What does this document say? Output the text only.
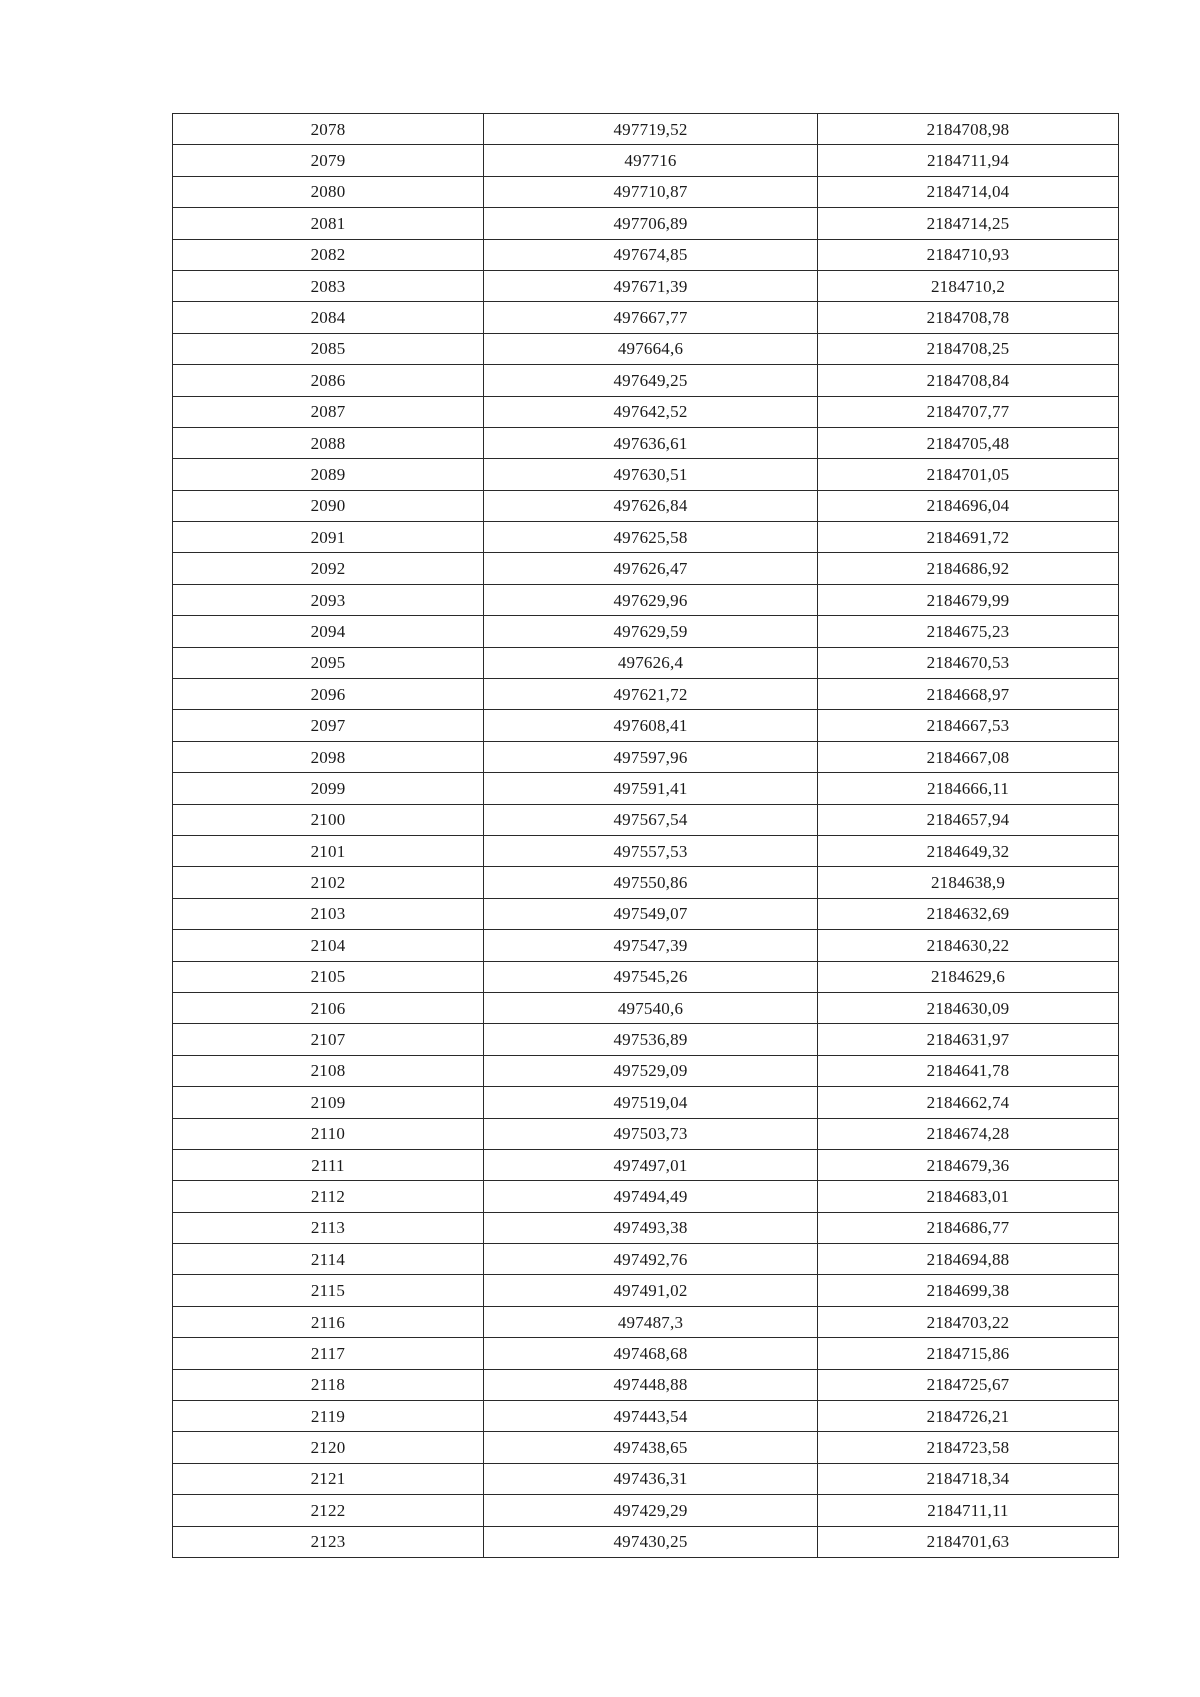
2078	497719,52	2184708,98
2079	497716	2184711,94
2080	497710,87	2184714,04
2081	497706,89	2184714,25
2082	497674,85	2184710,93
2083	497671,39	2184710,2
2084	497667,77	2184708,78
2085	497664,6	2184708,25
2086	497649,25	2184708,84
2087	497642,52	2184707,77
2088	497636,61	2184705,48
2089	497630,51	2184701,05
2090	497626,84	2184696,04
2091	497625,58	2184691,72
2092	497626,47	2184686,92
2093	497629,96	2184679,99
2094	497629,59	2184675,23
2095	497626,4	2184670,53
2096	497621,72	2184668,97
2097	497608,41	2184667,53
2098	497597,96	2184667,08
2099	497591,41	2184666,11
2100	497567,54	2184657,94
2101	497557,53	2184649,32
2102	497550,86	2184638,9
2103	497549,07	2184632,69
2104	497547,39	2184630,22
2105	497545,26	2184629,6
2106	497540,6	2184630,09
2107	497536,89	2184631,97
2108	497529,09	2184641,78
2109	497519,04	2184662,74
2110	497503,73	2184674,28
2111	497497,01	2184679,36
2112	497494,49	2184683,01
2113	497493,38	2184686,77
2114	497492,76	2184694,88
2115	497491,02	2184699,38
2116	497487,3	2184703,22
2117	497468,68	2184715,86
2118	497448,88	2184725,67
2119	497443,54	2184726,21
2120	497438,65	2184723,58
2121	497436,31	2184718,34
2122	497429,29	2184711,11
2123	497430,25	2184701,63
